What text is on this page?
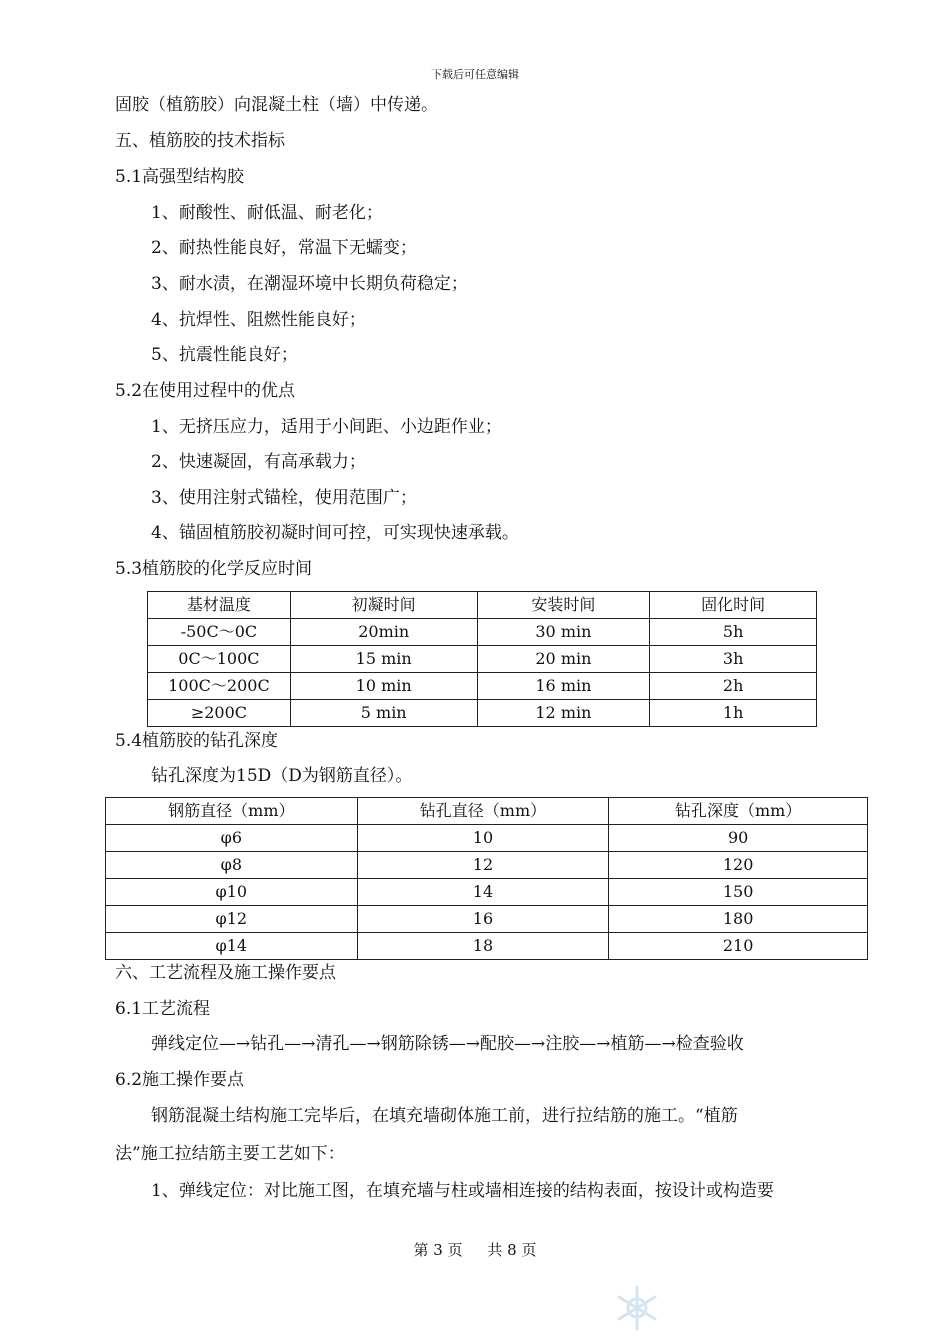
下载后可任意编辑
固胶（植筋胶）向混凝土柱（墙）中传递。
五、植筋胶的技术指标
5.1高强型结构胶
1、耐酸性、耐低温、耐老化；
2、耐热性能良好，常温下无蠕变；
3、耐水渍，在潮湿环境中长期负荷稳定；
4、抗焊性、阻燃性能良好；
5、抗震性能良好；
5.2在使用过程中的优点
1、无挤压应力，适用于小间距、小边距作业；
2、快速凝固，有高承载力；
3、使用注射式锚栓，使用范围广；
4、锚固植筋胶初凝时间可控，可实现快速承载。
5.3植筋胶的化学反应时间
基材温度	初凝时间	安装时间	固化时间
-50C～0C	20min	30 min	5h
0C～100C	15 min	20 min	3h
100C～200C	10 min	16 min	2h
≥200C	5 min	12 min	1h
5.4植筋胶的钻孔深度
钻孔深度为15D（D为钢筋直径）。
钢筋直径（mm）	钻孔直径（mm）	钻孔深度（mm）
φ6	10	90
φ8	12	120
φ10	14	150
φ12	16	180
φ14	18	210
六、工艺流程及施工操作要点
6.1工艺流程
弹线定位—→钻孔—→清孔—→钢筋除锈—→配胶—→注胶—→植筋—→检查验收
6.2施工操作要点
钢筋混凝土结构施工完毕后，在填充墙砌体施工前，进行拉结筋的施工。“植筋
法”施工拉结筋主要工艺如下：
1、弹线定位：对比施工图，在填充墙与柱或墙相连接的结构表面，按设计或构造要
第 3 页 共 8 页
